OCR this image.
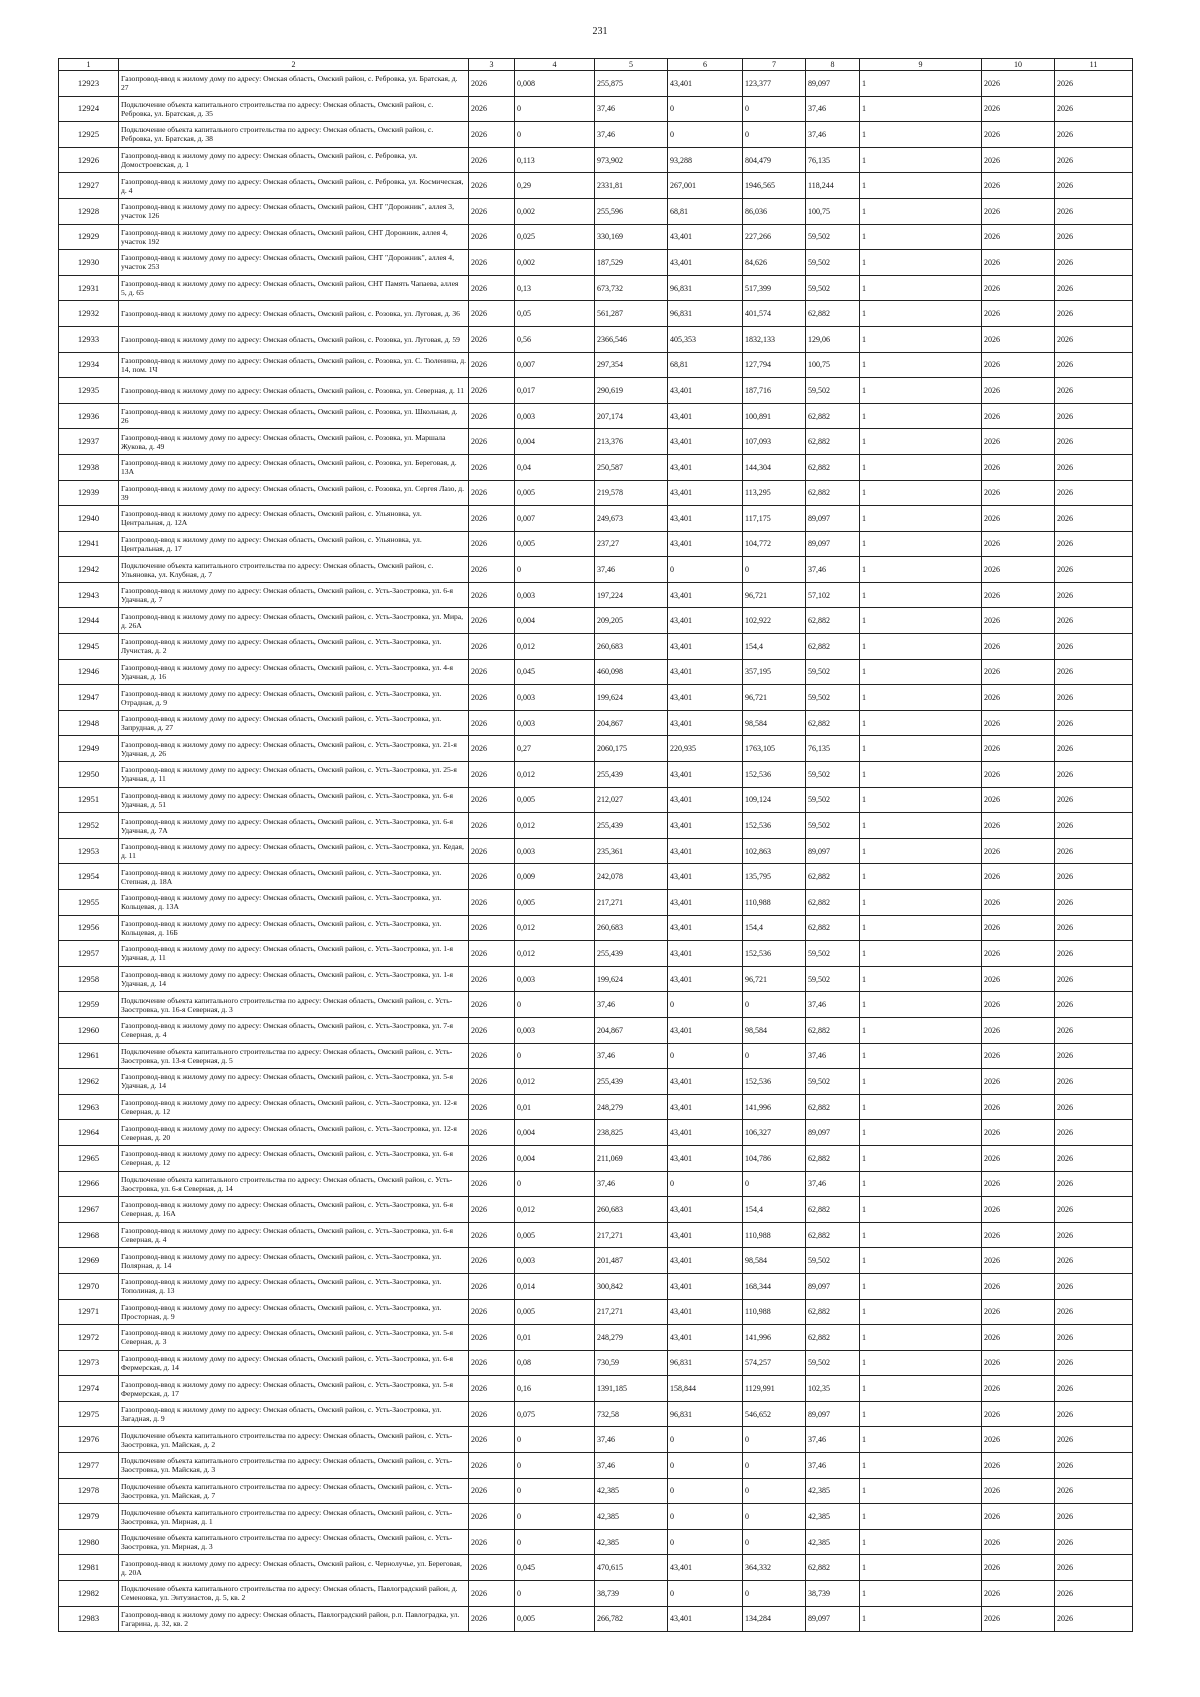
231
1	2	3	4	5	6	7	8	9	10	11
12923	Газопровод-ввод к жилому дому по адресу: Омская область, Омский район, с. Ребровка, ул. Братская, д. 27	2026	0,008	255,875	43,401	123,377	89,097	1	2026	2026
12924	Подключение объекта капитального строительства по адресу: Омская область, Омский район, с. Ребровка, ул. Братская, д. 35	2026	0	37,46	0	0	37,46	1	2026	2026
12925	Подключение объекта капитального строительства по адресу: Омская область, Омский район, с. Ребровка, ул. Братская, д. 38	2026	0	37,46	0	0	37,46	1	2026	2026
12926	Газопровод-ввод к жилому дому по адресу: Омская область, Омский район, с. Ребровка, ул. Домостроевская, д. 1	2026	0,113	973,902	93,288	804,479	76,135	1	2026	2026
12927	Газопровод-ввод к жилому дому по адресу: Омская область, Омский район, с. Ребровка, ул. Космическая, д. 4	2026	0,29	2331,81	267,001	1946,565	118,244	1	2026	2026
12928	Газопровод-ввод к жилому дому по адресу: Омская область, Омский район, СНТ "Дорожник", аллея 3, участок 126	2026	0,002	255,596	68,81	86,036	100,75	1	2026	2026
12929	Газопровод-ввод к жилому дому по адресу: Омская область, Омский район, СНТ Дорожник, аллея 4, участок 192	2026	0,025	330,169	43,401	227,266	59,502	1	2026	2026
12930	Газопровод-ввод к жилому дому по адресу: Омская область, Омский район, СНТ "Дорожник", аллея 4, участок 253	2026	0,002	187,529	43,401	84,626	59,502	1	2026	2026
12931	Газопровод-ввод к жилому дому по адресу: Омская область, Омский район, СНТ Память Чапаева, аллея 5, д. 65	2026	0,13	673,732	96,831	517,399	59,502	1	2026	2026
12932	Газопровод-ввод к жилому дому по адресу: Омская область, Омский район, с. Розовка, ул. Луговая, д. 36	2026	0,05	561,287	96,831	401,574	62,882	1	2026	2026
12933	Газопровод-ввод к жилому дому по адресу: Омская область, Омский район, с. Розовка, ул. Луговая, д. 59	2026	0,56	2366,546	405,353	1832,133	129,06	1	2026	2026
12934	Газопровод-ввод к жилому дому по адресу: Омская область, Омский район, с. Розовка, ул. С. Тюленина, д. 14, пом. 1Ч	2026	0,007	297,354	68,81	127,794	100,75	1	2026	2026
12935	Газопровод-ввод к жилому дому по адресу: Омская область, Омский район, с. Розовка, ул. Северная, д. 11	2026	0,017	290,619	43,401	187,716	59,502	1	2026	2026
12936	Газопровод-ввод к жилому дому по адресу: Омская область, Омский район, с. Розовка, ул. Школьная, д. 26	2026	0,003	207,174	43,401	100,891	62,882	1	2026	2026
12937	Газопровод-ввод к жилому дому по адресу: Омская область, Омский район, с. Розовка, ул. Маршала Жукова, д. 49	2026	0,004	213,376	43,401	107,093	62,882	1	2026	2026
12938	Газопровод-ввод к жилому дому по адресу: Омская область, Омский район, с. Розовка, ул. Береговая, д. 13А	2026	0,04	250,587	43,401	144,304	62,882	1	2026	2026
12939	Газопровод-ввод к жилому дому по адресу: Омская область, Омский район, с. Розовка, ул. Сергея Лазо, д. 39	2026	0,005	219,578	43,401	113,295	62,882	1	2026	2026
12940	Газопровод-ввод к жилому дому по адресу: Омская область, Омский район, с. Ульяновка, ул. Центральная, д. 12А	2026	0,007	249,673	43,401	117,175	89,097	1	2026	2026
12941	Газопровод-ввод к жилому дому по адресу: Омская область, Омский район, с. Ульяновка, ул. Центральная, д. 17	2026	0,005	237,27	43,401	104,772	89,097	1	2026	2026
12942	Подключение объекта капитального строительства по адресу: Омская область, Омский район, с. Ульяновка, ул. Клубная, д. 7	2026	0	37,46	0	0	37,46	1	2026	2026
12943	Газопровод-ввод к жилому дому по адресу: Омская область, Омский район, с. Усть-Заостровка, ул. 6-я Удачная, д. 7	2026	0,003	197,224	43,401	96,721	57,102	1	2026	2026
12944	Газопровод-ввод к жилому дому по адресу: Омская область, Омский район, с. Усть-Заостровка, ул. Мира, д. 26А	2026	0,004	209,205	43,401	102,922	62,882	1	2026	2026
12945	Газопровод-ввод к жилому дому по адресу: Омская область, Омский район, с. Усть-Заостровка, ул. Лучистая, д. 2	2026	0,012	260,683	43,401	154,4	62,882	1	2026	2026
12946	Газопровод-ввод к жилому дому по адресу: Омская область, Омский район, с. Усть-Заостровка, ул. 4-я Удачная, д. 16	2026	0,045	460,098	43,401	357,195	59,502	1	2026	2026
12947	Газопровод-ввод к жилому дому по адресу: Омская область, Омский район, с. Усть-Заостровка, ул. Отрадная, д. 9	2026	0,003	199,624	43,401	96,721	59,502	1	2026	2026
12948	Газопровод-ввод к жилому дому по адресу: Омская область, Омский район, с. Усть-Заостровка, ул. Запрудная, д. 27	2026	0,003	204,867	43,401	98,584	62,882	1	2026	2026
12949	Газопровод-ввод к жилому дому по адресу: Омская область, Омский район, с. Усть-Заостровка, ул. 21-я Удачная, д. 26	2026	0,27	2060,175	220,935	1763,105	76,135	1	2026	2026
12950	Газопровод-ввод к жилому дому по адресу: Омская область, Омский район, с. Усть-Заостровка, ул. 25-я Удачная, д. 11	2026	0,012	255,439	43,401	152,536	59,502	1	2026	2026
12951	Газопровод-ввод к жилому дому по адресу: Омская область, Омский район, с. Усть-Заостровка, ул. 6-я Удачная, д. 51	2026	0,005	212,027	43,401	109,124	59,502	1	2026	2026
12952	Газопровод-ввод к жилому дому по адресу: Омская область, Омский район, с. Усть-Заостровка, ул. 6-я Удачная, д. 7А	2026	0,012	255,439	43,401	152,536	59,502	1	2026	2026
12953	Газопровод-ввод к жилому дому по адресу: Омская область, Омский район, с. Усть-Заостровка, ул. Кедая, д. 11	2026	0,003	235,361	43,401	102,863	89,097	1	2026	2026
12954	Газопровод-ввод к жилому дому по адресу: Омская область, Омский район, с. Усть-Заостровка, ул. Степная, д. 18А	2026	0,009	242,078	43,401	135,795	62,882	1	2026	2026
12955	Газопровод-ввод к жилому дому по адресу: Омская область, Омский район, с. Усть-Заостровка, ул. Кольцевая, д. 13А	2026	0,005	217,271	43,401	110,988	62,882	1	2026	2026
12956	Газопровод-ввод к жилому дому по адресу: Омская область, Омский район, с. Усть-Заостровка, ул. Кольцевая, д. 16Б	2026	0,012	260,683	43,401	154,4	62,882	1	2026	2026
12957	Газопровод-ввод к жилому дому по адресу: Омская область, Омский район, с. Усть-Заостровка, ул. 1-я Удачная, д. 11	2026	0,012	255,439	43,401	152,536	59,502	1	2026	2026
12958	Газопровод-ввод к жилому дому по адресу: Омская область, Омский район, с. Усть-Заостровка, ул. 1-я Удачная, д. 14	2026	0,003	199,624	43,401	96,721	59,502	1	2026	2026
12959	Подключение объекта капитального строительства по адресу: Омская область, Омский район, с. Усть-Заостровка, ул. 16-я Северная, д. 3	2026	0	37,46	0	0	37,46	1	2026	2026
12960	Газопровод-ввод к жилому дому по адресу: Омская область, Омский район, с. Усть-Заостровка, ул. 7-я Северная, д. 4	2026	0,003	204,867	43,401	98,584	62,882	1	2026	2026
12961	Подключение объекта капитального строительства по адресу: Омская область, Омский район, с. Усть-Заостровка, ул. 13-я Северная, д. 5	2026	0	37,46	0	0	37,46	1	2026	2026
12962	Газопровод-ввод к жилому дому по адресу: Омская область, Омский район, с. Усть-Заостровка, ул. 5-я Удачная, д. 14	2026	0,012	255,439	43,401	152,536	59,502	1	2026	2026
12963	Газопровод-ввод к жилому дому по адресу: Омская область, Омский район, с. Усть-Заостровка, ул. 12-я Северная, д. 12	2026	0,01	248,279	43,401	141,996	62,882	1	2026	2026
12964	Газопровод-ввод к жилому дому по адресу: Омская область, Омский район, с. Усть-Заостровка, ул. 12-я Северная, д. 20	2026	0,004	238,825	43,401	106,327	89,097	1	2026	2026
12965	Газопровод-ввод к жилому дому по адресу: Омская область, Омский район, с. Усть-Заостровка, ул. 6-я Северная, д. 12	2026	0,004	211,069	43,401	104,786	62,882	1	2026	2026
12966	Подключение объекта капитального строительства по адресу: Омская область, Омский район, с. Усть-Заостровка, ул. 6-я Северная, д. 14	2026	0	37,46	0	0	37,46	1	2026	2026
12967	Газопровод-ввод к жилому дому по адресу: Омская область, Омский район, с. Усть-Заостровка, ул. 6-я Северная, д. 16А	2026	0,012	260,683	43,401	154,4	62,882	1	2026	2026
12968	Газопровод-ввод к жилому дому по адресу: Омская область, Омский район, с. Усть-Заостровка, ул. 6-я Северная, д. 4	2026	0,005	217,271	43,401	110,988	62,882	1	2026	2026
12969	Газопровод-ввод к жилому дому по адресу: Омская область, Омский район, с. Усть-Заостровка, ул. Полярная, д. 14	2026	0,003	201,487	43,401	98,584	59,502	1	2026	2026
12970	Газопровод-ввод к жилому дому по адресу: Омская область, Омский район, с. Усть-Заостровка, ул. Тополиная, д. 13	2026	0,014	300,842	43,401	168,344	89,097	1	2026	2026
12971	Газопровод-ввод к жилому дому по адресу: Омская область, Омский район, с. Усть-Заостровка, ул. Просторная, д. 9	2026	0,005	217,271	43,401	110,988	62,882	1	2026	2026
12972	Газопровод-ввод к жилому дому по адресу: Омская область, Омский район, с. Усть-Заостровка, ул. 5-я Северная, д. 3	2026	0,01	248,279	43,401	141,996	62,882	1	2026	2026
12973	Газопровод-ввод к жилому дому по адресу: Омская область, Омский район, с. Усть-Заостровка, ул. 6-я Фермерская, д. 14	2026	0,08	730,59	96,831	574,257	59,502	1	2026	2026
12974	Газопровод-ввод к жилому дому по адресу: Омская область, Омский район, с. Усть-Заостровка, ул. 5-я Фермерская, д. 17	2026	0,16	1391,185	158,844	1129,991	102,35	1	2026	2026
12975	Газопровод-ввод к жилому дому по адресу: Омская область, Омский район, с. Усть-Заостровка, ул. Загадная, д. 9	2026	0,075	732,58	96,831	546,652	89,097	1	2026	2026
12976	Подключение объекта капитального строительства по адресу: Омская область, Омский район, с. Усть-Заостровка, ул. Майская, д. 2	2026	0	37,46	0	0	37,46	1	2026	2026
12977	Подключение объекта капитального строительства по адресу: Омская область, Омский район, с. Усть-Заостровка, ул. Майская, д. 3	2026	0	37,46	0	0	37,46	1	2026	2026
12978	Подключение объекта капитального строительства по адресу: Омская область, Омский район, с. Усть-Заостровка, ул. Майская, д. 7	2026	0	42,385	0	0	42,385	1	2026	2026
12979	Подключение объекта капитального строительства по адресу: Омская область, Омский район, с. Усть-Заостровка, ул. Мирная, д. 1	2026	0	42,385	0	0	42,385	1	2026	2026
12980	Подключение объекта капитального строительства по адресу: Омская область, Омский район, с. Усть-Заостровка, ул. Мирная, д. 3	2026	0	42,385	0	0	42,385	1	2026	2026
12981	Газопровод-ввод к жилому дому по адресу: Омская область, Омский район, с. Чернолучье, ул. Береговая, д. 20А	2026	0,045	470,615	43,401	364,332	62,882	1	2026	2026
12982	Подключение объекта капитального строительства по адресу: Омская область, Павлоградский район, д. Семеновка, ул. Энтузиастов, д. 5, кв. 2	2026	0	38,739	0	0	38,739	1	2026	2026
12983	Газопровод-ввод к жилому дому по адресу: Омская область, Павлоградский район, р.п. Павлоградка, ул. Гагарина, д. 32, кв. 2	2026	0,005	266,782	43,401	134,284	89,097	1	2026	2026
